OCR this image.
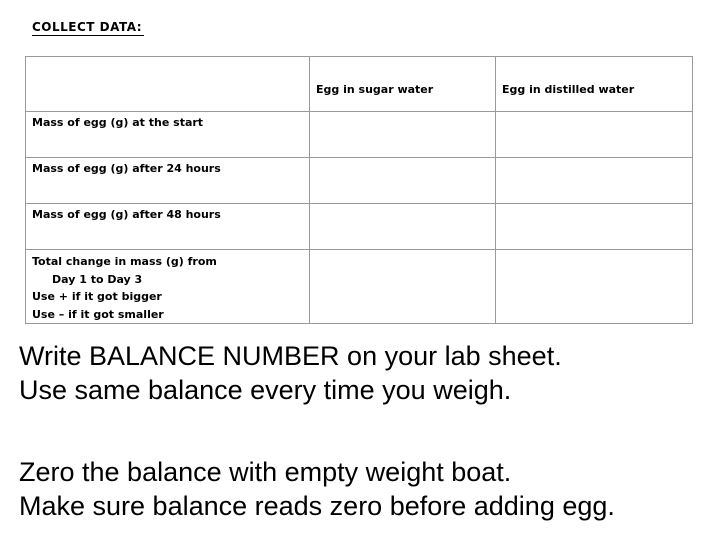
COLLECT DATA:
	Egg in sugar water	Egg in distilled water
Mass of egg (g) at the start		
Mass of egg (g) after 24 hours		
Mass of egg (g) after 48 hours		

Total change in mass (g) from
Day 1 to Day 3
Use + if it got bigger
Use – if it got smaller		

Write BALANCE NUMBER on your lab sheet.
Use same balance every time you weigh.
Zero the balance with empty weight boat.
Make sure balance reads zero before adding egg.
